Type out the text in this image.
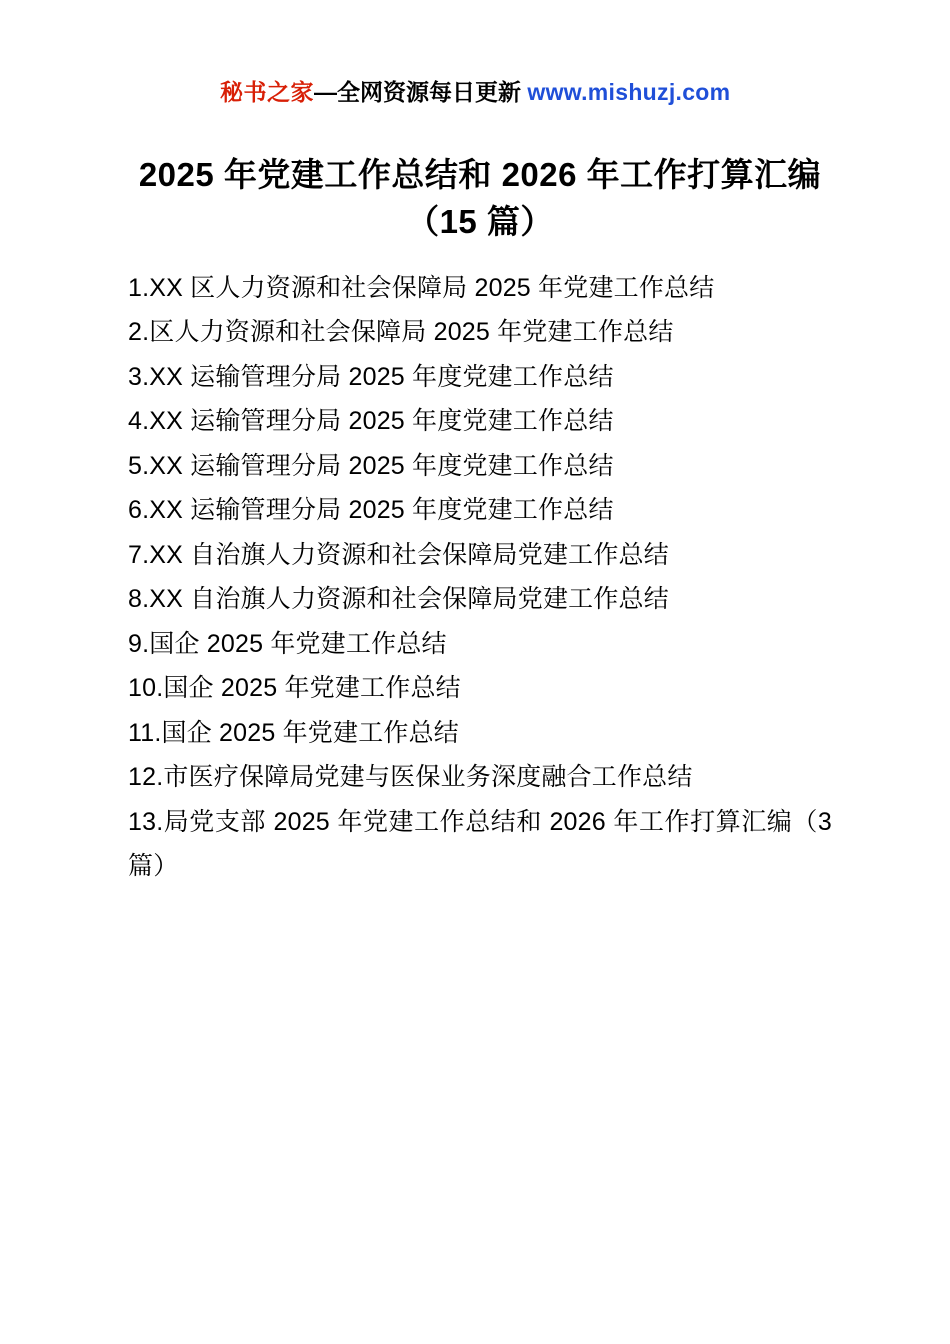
秘书之家—全网资源每日更新 www.mishuzj.com
2025 年党建工作总结和 2026 年工作打算汇编（15 篇）
1.XX 区人力资源和社会保障局 2025 年党建工作总结
2.区人力资源和社会保障局 2025 年党建工作总结
3.XX 运输管理分局 2025 年度党建工作总结
4.XX 运输管理分局 2025 年度党建工作总结
5.XX 运输管理分局 2025 年度党建工作总结
6.XX 运输管理分局 2025 年度党建工作总结
7.XX 自治旗人力资源和社会保障局党建工作总结
8.XX 自治旗人力资源和社会保障局党建工作总结
9.国企 2025 年党建工作总结
10.国企 2025 年党建工作总结
11.国企 2025 年党建工作总结
12.市医疗保障局党建与医保业务深度融合工作总结
13.局党支部 2025 年党建工作总结和 2026 年工作打算汇编（3 篇）
